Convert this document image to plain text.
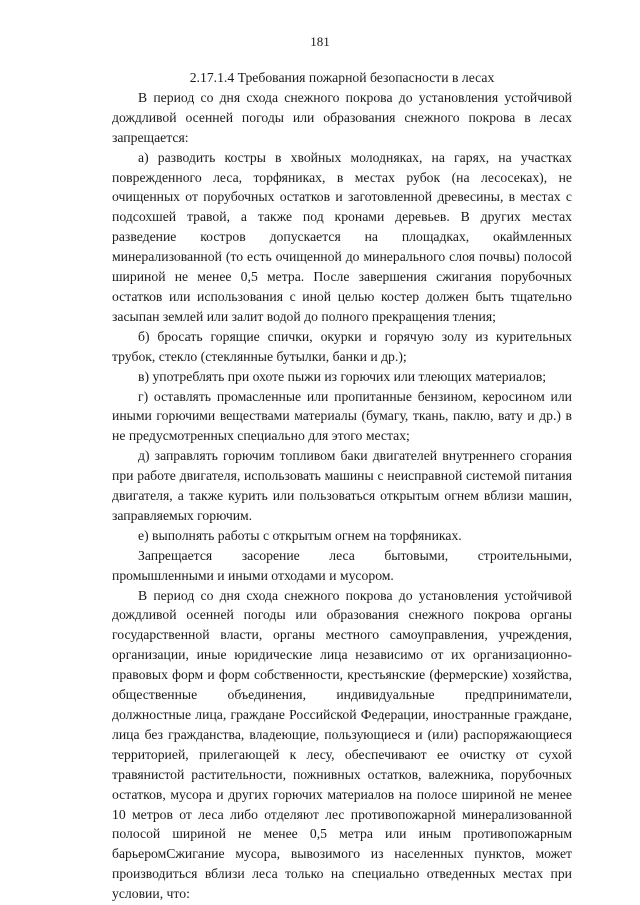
181

2.17.1.4 Требования пожарной безопасности в лесах

В период со дня схода снежного покрова до установления устойчивой дождливой осенней погоды или образования снежного покрова в лесах запрещается:

а) разводить костры в хвойных молодняках, на гарях, на участках поврежденного леса, торфяниках, в местах рубок (на лесосеках), не очищенных от порубочных остатков и заготовленной древесины, в местах с подсохшей травой, а также под кронами деревьев. В других местах разведение костров допускается на площадках, окаймленных минерализованной (то есть очищенной до минерального слоя почвы) полосой шириной не менее 0,5 метра. После завершения сжигания порубочных остатков или использования с иной целью костер должен быть тщательно засыпан землей или залит водой до полного прекращения тления;

б) бросать горящие спички, окурки и горячую золу из курительных трубок, стекло (стеклянные бутылки, банки и др.);

в) употреблять при охоте пыжи из горючих или тлеющих материалов;

г) оставлять промасленные или пропитанные бензином, керосином или иными горючими веществами материалы (бумагу, ткань, паклю, вату и др.) в не предусмотренных специально для этого местах;

д) заправлять горючим топливом баки двигателей внутреннего сгорания при работе двигателя, использовать машины с неисправной системой питания двигателя, а также курить или пользоваться открытым огнем вблизи машин, заправляемых горючим.

е) выполнять работы с открытым огнем на торфяниках.

Запрещается засорение леса бытовыми, строительными, промышленными и иными отходами и мусором.

В период со дня схода снежного покрова до установления устойчивой дождливой осенней погоды или образования снежного покрова органы государственной власти, органы местного самоуправления, учреждения, организации, иные юридические лица независимо от их организационно-правовых форм и форм собственности, крестьянские (фермерские) хозяйства, общественные объединения, индивидуальные предприниматели, должностные лица, граждане Российской Федерации, иностранные граждане, лица без гражданства, владеющие, пользующиеся и (или) распоряжающиеся территорией, прилегающей к лесу, обеспечивают ее очистку от сухой травянистой растительности, пожнивных остатков, валежника, порубочных остатков, мусора и других горючих материалов на полосе шириной не менее 10 метров от леса либо отделяют лес противопожарной минерализованной полосой шириной не менее 0,5 метра или иным противопожарным барьеромСжигание мусора, вывозимого из населенных пунктов, может производиться вблизи леса только на специально отведенных местах при условии, что:
